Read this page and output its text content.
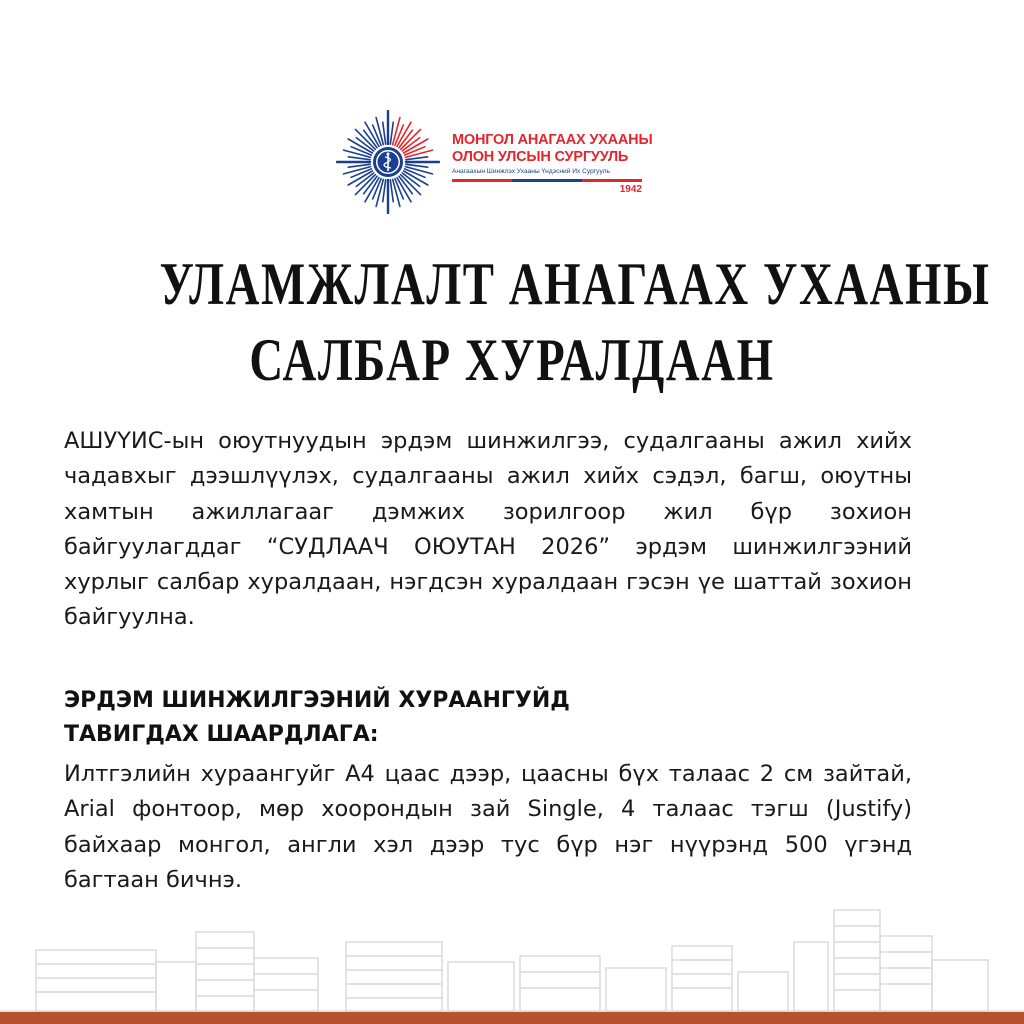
МОНГОЛ АНАГААХ УХААНЫ
ОЛОН УЛСЫН СУРГУУЛЬ
Анагаахын Шинжлэх Ухааны Үндэсний Их Сургууль
1942
УЛАМЖЛАЛТ АНАГААХ УХААНЫ
САЛБАР ХУРАЛДААН

АШУҮИС-ын оюутнуудын эрдэм шинжилгээ, судалгааны ажил хийх чадавхыг дээшлүүлэх, судалгааны ажил хийх сэдэл, багш, оюутны хамтын ажиллагааг дэмжих зорилгоор жил бүр зохион байгуулагддаг “СУДЛААЧ ОЮУТАН 2026” эрдэм шинжилгээний хурлыг салбар хуралдаан, нэгдсэн хуралдаан гэсэн үе шаттай зохион байгуулна.

ЭРДЭМ ШИНЖИЛГЭЭНИЙ ХУРААНГУЙД
ТАВИГДАХ ШААРДЛАГА:

Илтгэлийн хураангуйг А4 цаас дээр, цаасны бүх талаас 2 см зайтай, Arial фонтоор, мөр хоорондын зай Single, 4 талаас тэгш (Justify) байхаар монгол, англи хэл дээр тус бүр нэг нүүрэнд 500 үгэнд багтаан бичнэ.
